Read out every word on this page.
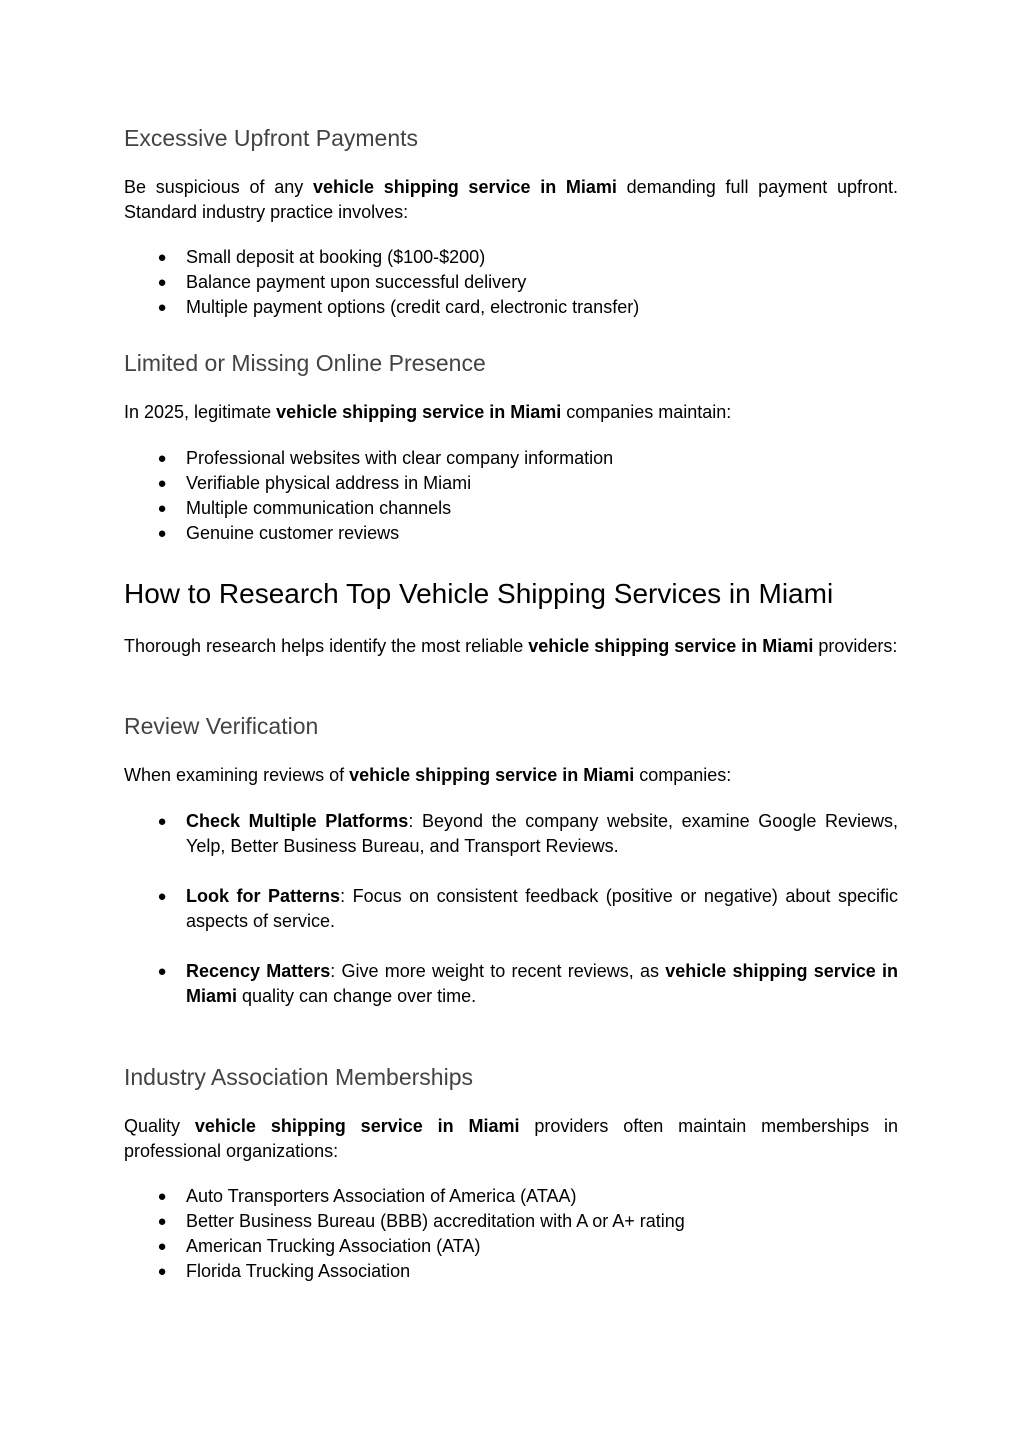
Excessive Upfront Payments

Be suspicious of any vehicle shipping service in Miami demanding full payment upfront. Standard industry practice involves:

● Small deposit at booking ($100-$200)
● Balance payment upon successful delivery
● Multiple payment options (credit card, electronic transfer)
Limited or Missing Online Presence

In 2025, legitimate vehicle shipping service in Miami companies maintain:

● Professional websites with clear company information
● Verifiable physical address in Miami
● Multiple communication channels
● Genuine customer reviews
How to Research Top Vehicle Shipping Services in Miami

Thorough research helps identify the most reliable vehicle shipping service in Miami providers:

Review Verification

When examining reviews of vehicle shipping service in Miami companies:

● Check Multiple Platforms: Beyond the company website, examine Google Reviews, Yelp, Better Business Bureau, and Transport Reviews.
● Look for Patterns: Focus on consistent feedback (positive or negative) about specific aspects of service.
● Recency Matters: Give more weight to recent reviews, as vehicle shipping service in Miami quality can change over time.
Industry Association Memberships

Quality vehicle shipping service in Miami providers often maintain memberships in professional organizations:

● Auto Transporters Association of America (ATAA)
● Better Business Bureau (BBB) accreditation with A or A+ rating
● American Trucking Association (ATA)
● Florida Trucking Association
